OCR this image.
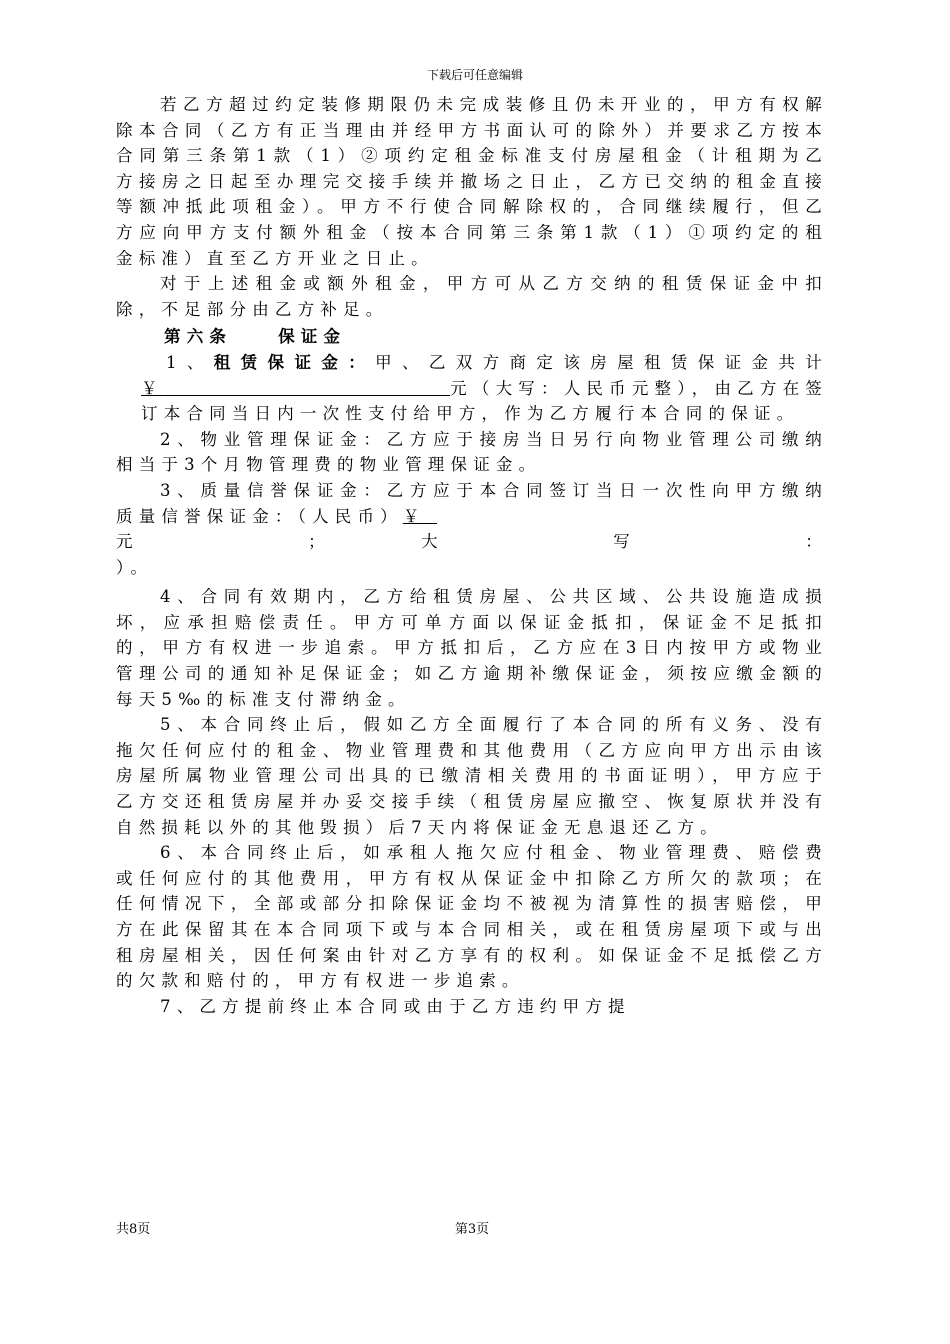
下载后可任意编辑

若乙方超过约定装修期限仍未完成装修且仍未开业的，甲方有权解除本合同（乙方有正当理由并经甲方书面认可的除外）并要求乙方按本合同第三条第1款（1）②项约定租金标准支付房屋租金（计租期为乙方接房之日起至办理完交接手续并撤场之日止，乙方已交纳的租金直接等额冲抵此项租金）。甲方不行使合同解除权的，合同继续履行，但乙方应向甲方支付额外租金（按本合同第三条第1款（1）①项约定的租金标准）直至乙方开业之日止。

对于上述租金或额外租金，甲方可从乙方交纳的租赁保证金中扣除，不足部分由乙方补足。

第六条	保证金

1、租赁保证金：甲、乙双方商定该房屋租赁保证金共计￥	元（大写：人民币元整），由乙方在签订本合同当日内一次性支付给甲方，作为乙方履行本合同的保证。

2、物业管理保证金：乙方应于接房当日另行向物业管理公司缴纳相当于3个月物管理费的物业管理保证金。

3、质量信誉保证金：乙方应于本合同签订当日一次性向甲方缴纳质量信誉保证金：（人民币）￥

元	；	大	写	：

）。

4、合同有效期内，乙方给租赁房屋、公共区域、公共设施造成损坏，应承担赔偿责任。甲方可单方面以保证金抵扣，保证金不足抵扣的，甲方有权进一步追索。甲方抵扣后，乙方应在3日内按甲方或物业管理公司的通知补足保证金；如乙方逾期补缴保证金，须按应缴金额的每天5‰的标准支付滞纳金。

5、本合同终止后，假如乙方全面履行了本合同的所有义务、没有拖欠任何应付的租金、物业管理费和其他费用（乙方应向甲方出示由该房屋所属物业管理公司出具的已缴清相关费用的书面证明），甲方应于乙方交还租赁房屋并办妥交接手续（租赁房屋应撤空、恢复原状并没有自然损耗以外的其他毁损）后7天内将保证金无息退还乙方。

6、本合同终止后，如承租人拖欠应付租金、物业管理费、赔偿费或任何应付的其他费用，甲方有权从保证金中扣除乙方所欠的款项；在任何情况下，全部或部分扣除保证金均不被视为清算性的损害赔偿，甲方在此保留其在本合同项下或与本合同相关，或在租赁房屋项下或与出租房屋相关，因任何案由针对乙方享有的权利。如保证金不足抵偿乙方的欠款和赔付的，甲方有权进一步追索。

7、乙方提前终止本合同或由于乙方违约甲方提

共8页	第3页
